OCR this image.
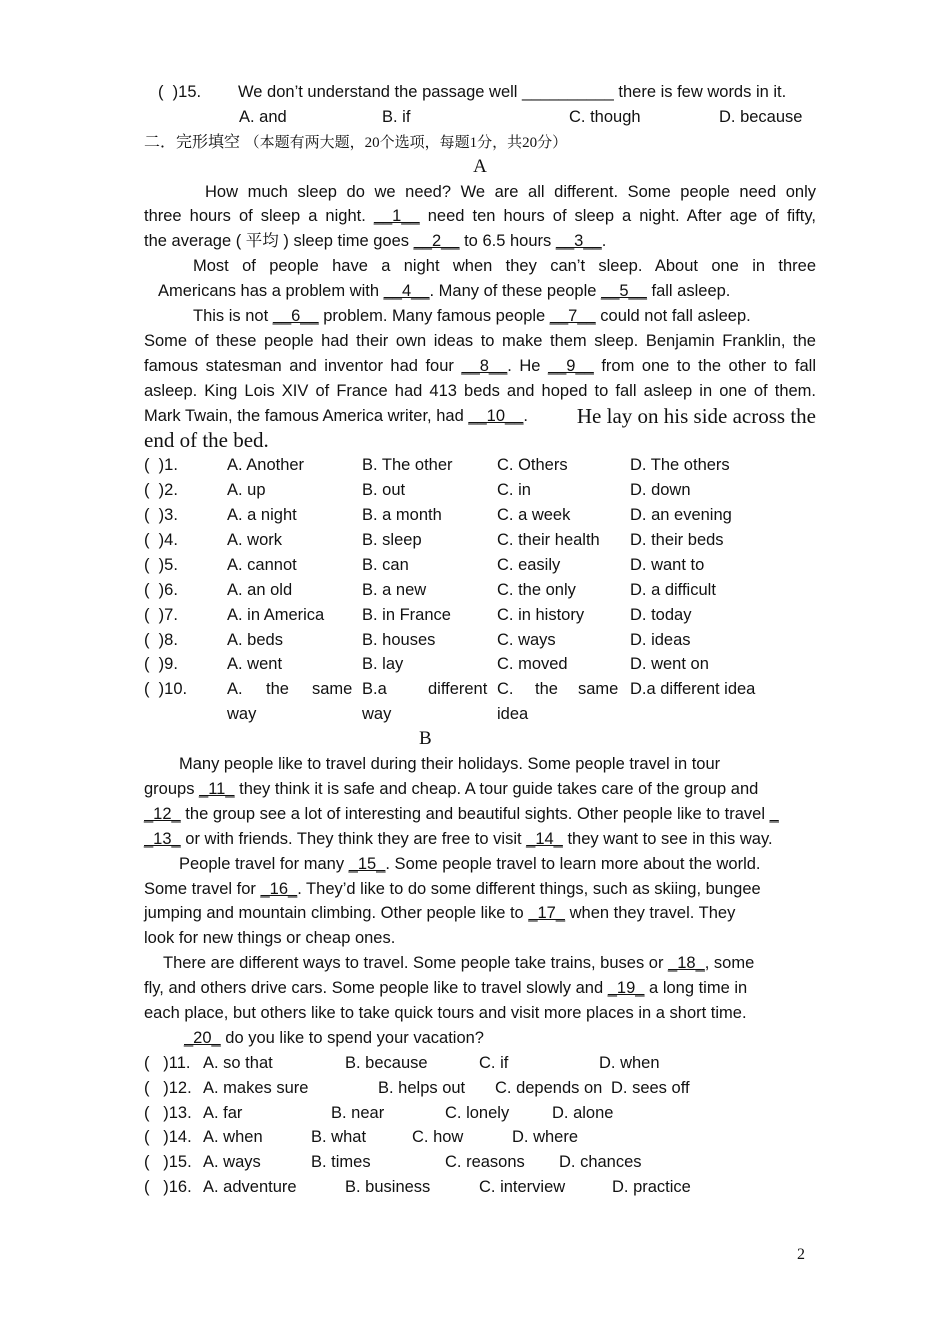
(  )15. We don’t understand the passage well __________ there is few words in it.
A. and	B. if	C. though	D. because
二．完形填空 （本题有两大题，20个选项，每题1分，共20分）
A
How much sleep do we need? We are all different. Some people need only
three hours of sleep a night. __1__ need ten hours of sleep a night. After age of fifty,
the average ( 平均 ) sleep time goes __2__ to 6.5 hours __3__.
Most of people have a night when they can’t sleep. About one in three
Americans has a problem with __4__. Many of these people __5__ fall asleep.
This is not __6__ problem. Many famous people __7__ could not fall asleep.
Some of these people had their own ideas to make them sleep. Benjamin Franklin, the
famous statesman and inventor had four __8__. He __9__ from one to the other to fall
asleep. King Lois XIV of France had 413 beds and hoped to fall asleep in one of them.
Mark Twain, the famous America writer, had __10__. He lay on his side across the
end of the bed.
(  )1.	A. Another	B. The other	C. Others	D. The others
(  )2.	A. up	B. out	C. in	D. down
(  )3.	A. a night	B. a month	C. a week	D. an evening
(  )4.	A. work	B. sleep	C. their health D. their beds
(  )5.	A. cannot	B. can	C. easily	D. want to
(  )6.	A. an old	B. a new	C. the only	D. a difficult
(  )7.	A. in America B. in France	C. in history	D. today
(  )8.	A. beds	B. houses	C. ways	D. ideas
(  )9.	A. went	B. lay	C. moved	D. went on
(  )10. A. the same B.a different C. the same D.a different idea
way	way	idea
B
Many people like to travel during their holidays. Some people travel in tour
groups _11_ they think it is safe and cheap. A tour guide takes care of the group and
_12_ the group see a lot of interesting and beautiful sights. Other people like to travel _
_13_ or with friends. They think they are free to visit _14_ they want to see in this way.
People travel for many _15_. Some people travel to learn more about the world.
Some travel for _16_. They’d like to do some different things, such as skiing, bungee
jumping and mountain climbing. Other people like to _17_ when they travel. They
look for new things or cheap ones.
There are different ways to travel. Some people take trains, buses or _18_, some
fly, and others drive cars. Some people like to travel slowly and _19_ a long time in
each place, but others like to take quick tours and visit more places in a short time.
_20_ do you like to spend your vacation?
(   )11. A. so that	B. because	C. if	D. when
(   )12. A. makes sure	B. helps out C. depends on D. sees off
(   )13. A. far	B. near	C. lonely	D. alone
(   )14. A. when	B. what	C. how	D. where
(   )15. A. ways	B. times	C. reasons D. chances
(   )16. A. adventure	B. business	C. interview	D. practice
2
